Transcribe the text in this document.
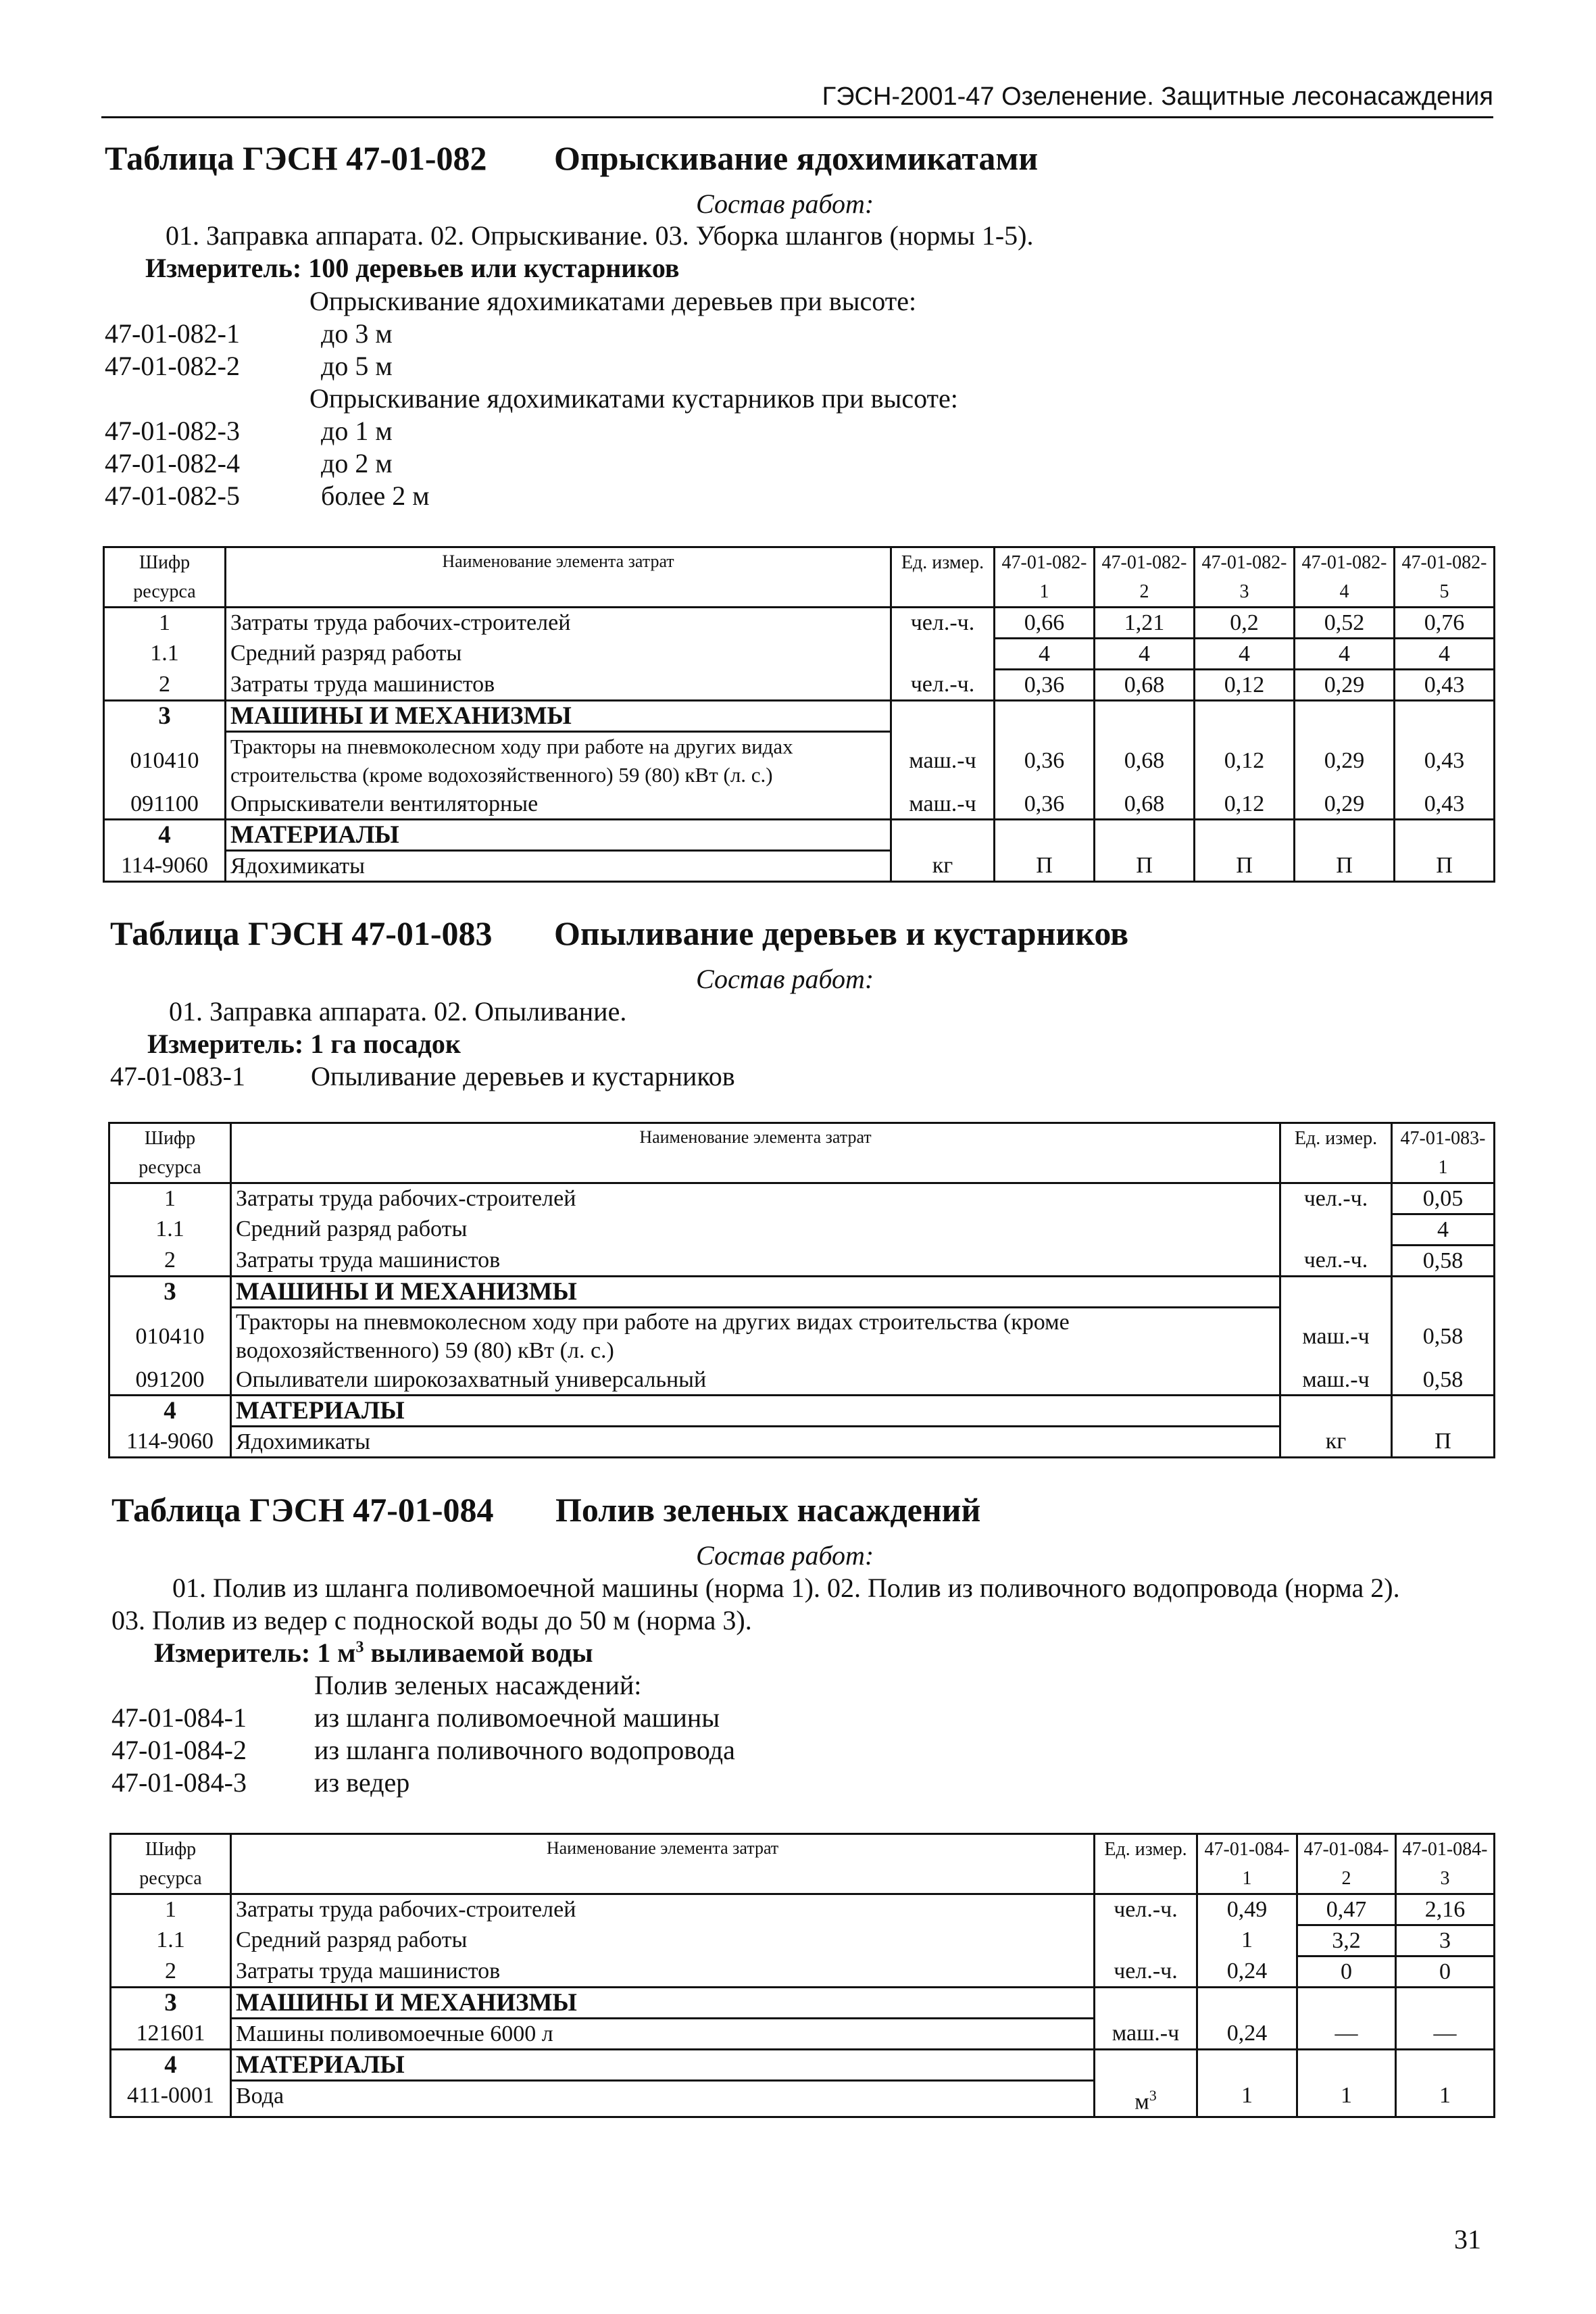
ГЭСН-2001-47 Озеленение. Защитные лесонасаждения
Таблица ГЭСН 47-01-082 Опрыскивание ядохимикатами
Состав работ:
01. Заправка аппарата. 02. Опрыскивание. 03. Уборка шлангов (нормы 1-5).
Измеритель: 100 деревьев или кустарников
Опрыскивание ядохимикатами деревьев при высоте:
47-01-082-1	до 3 м
47-01-082-2	до 5 м
Опрыскивание ядохимикатами кустарников при высоте:
47-01-082-3	до 1 м
47-01-082-4	до 2 м
47-01-082-5	более 2 м
Шифр ресурса	Наименование элемента затрат	Ед. измер.	47-01-082-1	47-01-082-2	47-01-082-3	47-01-082-4	47-01-082-5
1	Затраты труда рабочих-строителей	чел.-ч.	0,66	1,21	0,2	0,52	0,76
1.1	Средний разряд работы		4	4	4	4	4
2	Затраты труда машинистов	чел.-ч.	0,36	0,68	0,12	0,29	0,43
3	МАШИНЫ И МЕХАНИЗМЫ						
010410	Тракторы на пневмоколесном ходу при работе на других видах строительства (кроме водохозяйственного) 59 (80) кВт (л. с.)	маш.-ч	0,36	0,68	0,12	0,29	0,43
091100	Опрыскиватели вентиляторные	маш.-ч	0,36	0,68	0,12	0,29	0,43
4	МАТЕРИАЛЫ						
114-9060	Ядохимикаты	кг	П	П	П	П	П
Таблица ГЭСН 47-01-083 Опыливание деревьев и кустарников
Состав работ:
01. Заправка аппарата. 02. Опыливание.
Измеритель: 1 га посадок
47-01-083-1 Опыливание деревьев и кустарников
Шифр ресурса	Наименование элемента затрат	Ед. измер.	47-01-083-1
1	Затраты труда рабочих-строителей	чел.-ч.	0,05
1.1	Средний разряд работы		4
2	Затраты труда машинистов	чел.-ч.	0,58
3	МАШИНЫ И МЕХАНИЗМЫ		
010410	Тракторы на пневмоколесном ходу при работе на других видах строительства (кроме водохозяйственного) 59 (80) кВт (л. с.)	маш.-ч	0,58
091200	Опыливатели широкозахватный универсальный	маш.-ч	0,58
4	МАТЕРИАЛЫ		
114-9060	Ядохимикаты	кг	П
Таблица ГЭСН 47-01-084 Полив зеленых насаждений
Состав работ:
01. Полив из шланга поливомоечной машины (норма 1). 02. Полив из поливочного водопровода (норма 2).
03. Полив из ведер с подноской воды до 50 м (норма 3).
Измеритель: 1 $м^3$ выливаемой воды
Полив зеленых насаждений:
47-01-084-1	из шланга поливомоечной машины
47-01-084-2	из шланга поливочного водопровода
47-01-084-3	из ведер
Шифр ресурса	Наименование элемента затрат	Ед. измер.	47-01-084-1	47-01-084-2	47-01-084-3
1	Затраты труда рабочих-строителей	чел.-ч.	0,49	0,47	2,16
1.1	Средний разряд работы		1	3,2	3
2	Затраты труда машинистов	чел.-ч.	0,24	0	0
3	МАШИНЫ И МЕХАНИЗМЫ				
121601	Машины поливомоечные 6000 л	маш.-ч	0,24	—	—
4	МАТЕРИАЛЫ				
411-0001	Вода	$м^3$	1	1	1
31
